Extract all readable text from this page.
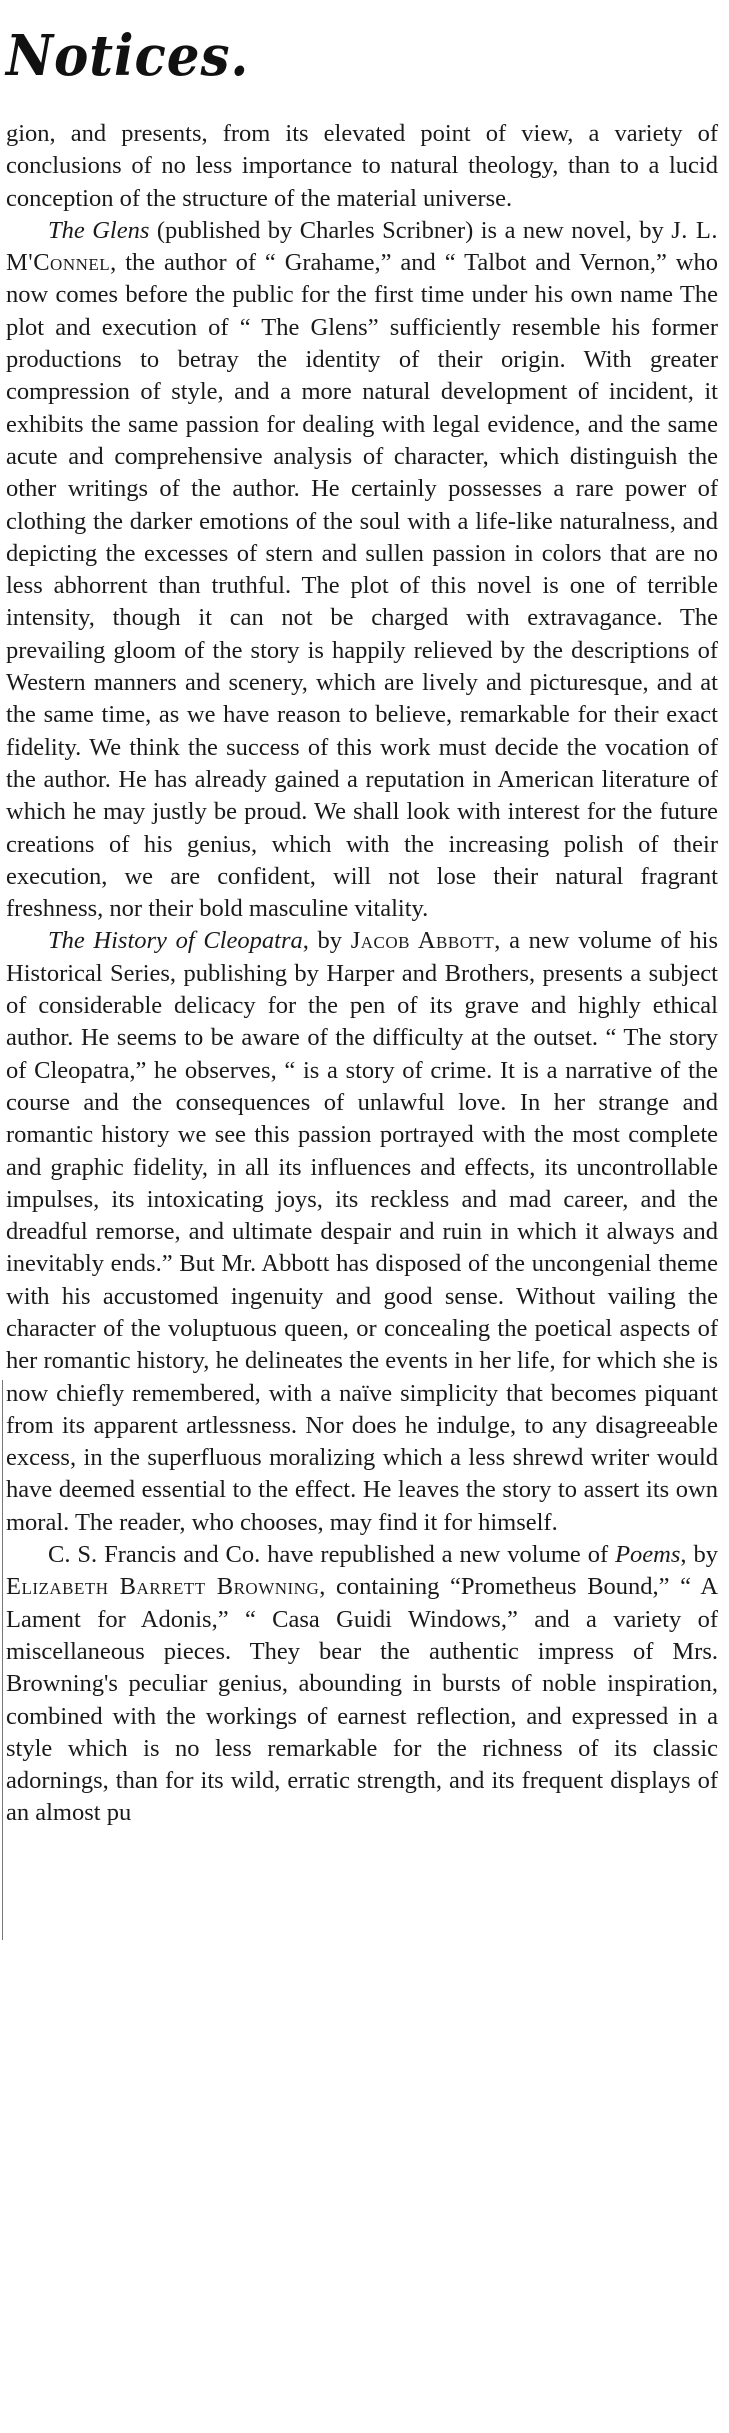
Notices.

gion, and presents, from its elevated point of view, a variety of conclusions of no less importance to natural theology, than to a lucid conception of the structure of the material universe.

The Glens (published by Charles Scribner) is a new novel, by J. L. M'Connel, the author of “ Grahame,” and “ Talbot and Vernon,” who now comes before the public for the first time under his own name The plot and execution of “ The Glens” sufficiently resemble his former productions to betray the identity of their origin. With greater compression of style, and a more natural development of incident, it exhibits the same passion for dealing with legal evidence, and the same acute and comprehensive analysis of character, which distinguish the other writings of the author. He certainly possesses a rare power of clothing the darker emotions of the soul with a life-like naturalness, and depicting the excesses of stern and sullen passion in colors that are no less abhorrent than truthful. The plot of this novel is one of terrible intensity, though it can not be charged with extravagance. The prevailing gloom of the story is happily relieved by the descriptions of Western manners and scenery, which are lively and picturesque, and at the same time, as we have reason to believe, remarkable for their exact fidelity. We think the success of this work must decide the vocation of the author. He has already gained a reputation in American literature of which he may justly be proud. We shall look with interest for the future creations of his genius, which with the increasing polish of their execution, we are confident, will not lose their natural fragrant freshness, nor their bold masculine vitality.

The History of Cleopatra, by Jacob Abbott, a new volume of his Historical Series, publishing by Harper and Brothers, presents a subject of considerable delicacy for the pen of its grave and highly ethical author. He seems to be aware of the difficulty at the outset. “ The story of Cleopatra,” he observes, “ is a story of crime. It is a narrative of the course and the consequences of unlawful love. In her strange and romantic history we see this passion portrayed with the most complete and graphic fidelity, in all its influences and effects, its uncontrollable impulses, its intoxicating joys, its reckless and mad career, and the dreadful remorse, and ultimate despair and ruin in which it always and inevitably ends.” But Mr. Abbott has disposed of the uncongenial theme with his accustomed ingenuity and good sense. Without vailing the character of the voluptuous queen, or concealing the poetical aspects of her romantic history, he delineates the events in her life, for which she is now chiefly remembered, with a naïve simplicity that becomes piquant from its apparent artlessness. Nor does he indulge, to any disagreeable excess, in the superfluous moralizing which a less shrewd writer would have deemed essential to the effect. He leaves the story to assert its own moral. The reader, who chooses, may find it for himself.

C. S. Francis and Co. have republished a new volume of Poems, by Elizabeth Barrett Browning, containing “Prometheus Bound,” “ A Lament for Adonis,” “ Casa Guidi Windows,” and a variety of miscellaneous pieces. They bear the authentic impress of Mrs. Browning's peculiar genius, abounding in bursts of noble inspiration, combined with the workings of earnest reflection, and expressed in a style which is no less remarkable for the richness of its classic adornings, than for its wild, erratic strength, and its frequent displays of an almost pu
